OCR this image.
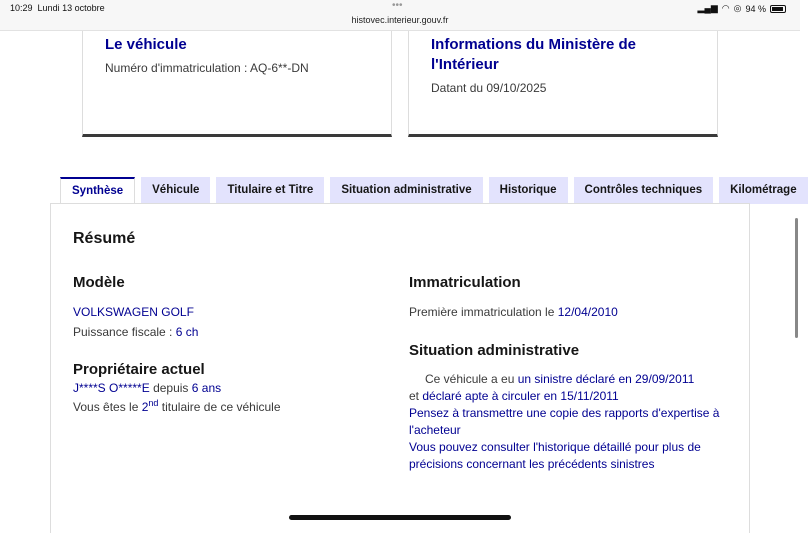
10:29 Lundi 13 octobre	•••
histovec.interieur.gouv.fr
▂▄▆ ◠ ◎ 94 %
Le véhicule

Numéro d'immatriculation : AQ-6**-DN

Informations du Ministère de l'Intérieur

Datant du 09/10/2025

Synthèse	Véhicule	Titulaire et Titre	Situation administrative	Historique	Contrôles techniques	Kilométrage
Résumé
Modèle
VOLKSWAGEN GOLF
Puissance fiscale : 6 ch
Propriétaire actuel
J****S O*****E depuis 6 ans
Vous êtes le 2nd titulaire de ce véhicule
Immatriculation
Première immatriculation le 12/04/2010
Situation administrative
Ce véhicule a eu un sinistre déclaré en 29/09/2011
et déclaré apte à circuler en 15/11/2011
Pensez à transmettre une copie des rapports d'expertise à
l'acheteur
Vous pouvez consulter l'historique détaillé pour plus de
précisions concernant les précédents sinistres
